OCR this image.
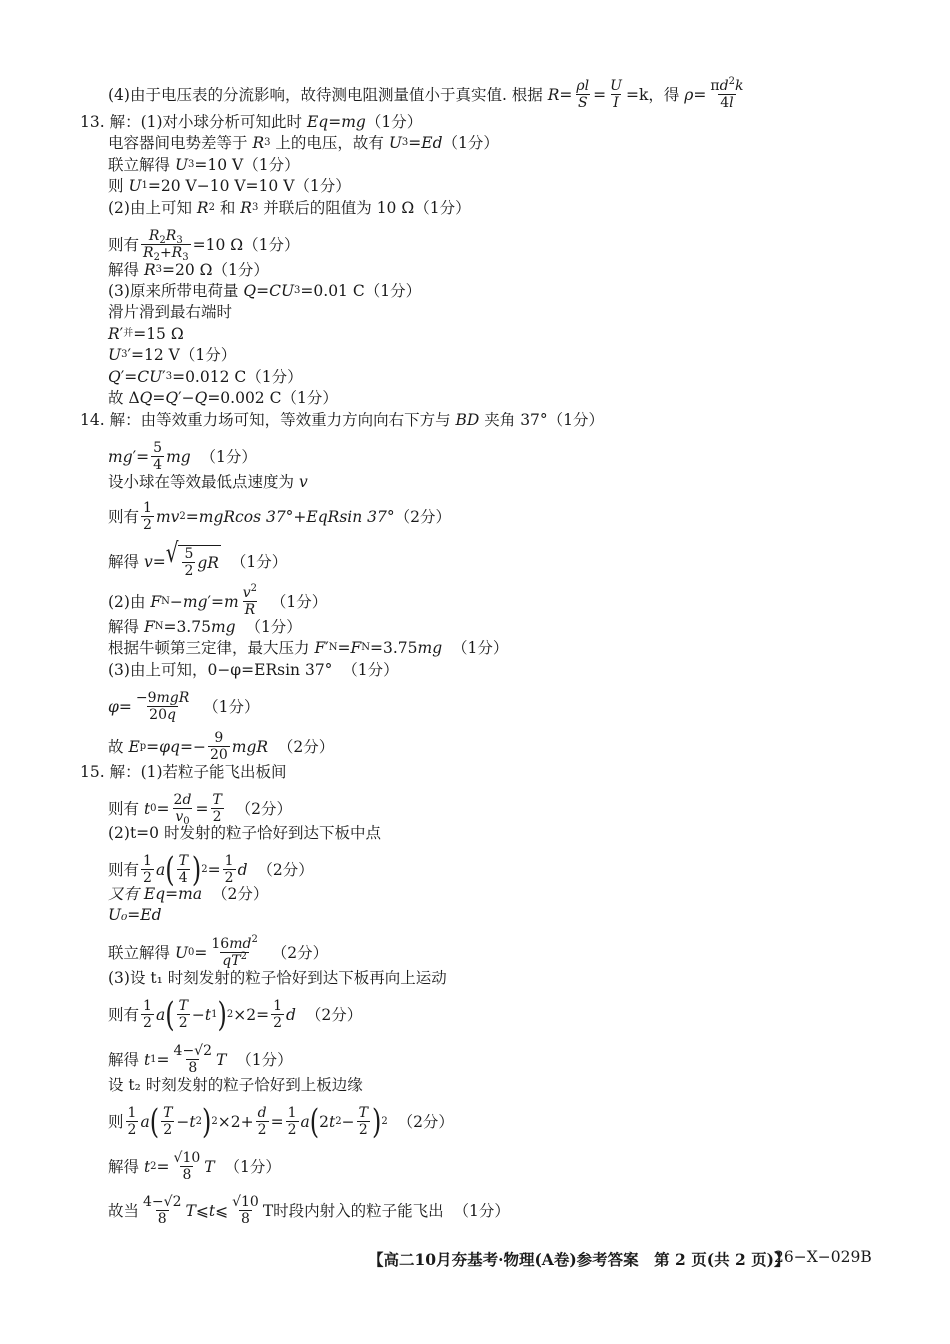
(4)由于电压表的分流影响，故待测电阻测量值小于真实值. 根据 $R = \frac{\rho l}{S} = \frac{U}{I} =k$，得 $\rho = \frac{\pi d^2k}{4l}$
13. 解：(1)对小球分析可知此时 Eq=mg （1分）
电容器间电势差等于 R 3 上的电压，故有 U 3 = Ed （1分）
联立解得 U 3 =10 V （1分）
则 U 1 =20 V−10 V=10 V （1分）
(2)由上可知 R 2 和 R 3 并联后的阻值为 10 Ω （1分）
则有 $\frac{R_2R_3}{R_2+R_3} =10$ Ω （1分）
解得 R 3 =20 Ω （1分）
(3)原来所带电荷量 Q = CU 3 =0.01 C （1分）
滑片滑到最右端时
R ′ 并 =15 Ω
U 3 ′ =12 V （1分）
Q ′= CU ′ 3 =0.012 C （1分）
故 Δ Q = Q ′− Q =0.002 C （1分）
14. 解：由等效重力场可知，等效重力方向向右下方与 BD 夹角 37° （1分）
mg ′= $\frac{5}{4}$ mg
（1分）
设小球在等效最低点速度为 v
则有 $\frac{1}{2}$ mv 2 =mgRcos 37°+EqRsin 37° （2分）
解得 v = √ $\frac{5}{2}$ gR
（1分）
(2)由 F N − mg ′= m $\frac{v^2}{R}$
（1分）
解得 F N =3.75 mg
（1分）
根据牛顿第三定律，最大压力 F ′ N = F N =3.75 mg
（1分）
(3)由上可知，0−φ=ERsin 37°
（1分）
$\varphi = \frac{\text{−9mgR}}{20q}$
（1分）
故 E $p = \varphi q =- \frac{9}{20}$ mgR
（2分）
15. 解：(1)若粒子能飞出板间
则有 t $0 = \frac{2d}{v_0} = \frac{T}{2}$
（2分）
(2)t=0 时发射的粒子恰好到达下板中点
则有 $\frac{1}{2}$ a ( $\frac{T}{4}$ ) $2 = \frac{1}{2}$ d
（2分）
又有 Eq=ma
（2分）
U₀=Ed
联立解得 U $0 = \frac{16md^2}{qT^2}$
（2分）
(3)设 t₁ 时刻发射的粒子恰好到达下板再向上运动
则有 $\frac{1}{2}$ a ( $\frac{T}{2} - t$ 1 ) $2 \times 2= \frac{1}{2}$ d
（2分）
解得 t $1 = \frac{4-√2}{8}$ T
（1分）
设 t₂ 时刻发射的粒子恰好到上板边缘
则 $\frac{1}{2}$ a ( $\frac{T}{2} - t$ 2 ) $2 \times 2+ \frac{d}{2} = \frac{1}{2}$ a ( 2 t $2 - \frac{T}{2}$ ) 2
（2分）
解得 t $2 = \frac{√10}{8}$ T
（1分）
故当 $\frac{4-√2}{8}$ T ⩽ t ⩽ $\frac{√10}{8}$ T时段内射入的粒子能飞出
（1分）
【高二10月夯基考·物理(A卷)参考答案　第 2 页(共 2 页)】
26−X−029B
